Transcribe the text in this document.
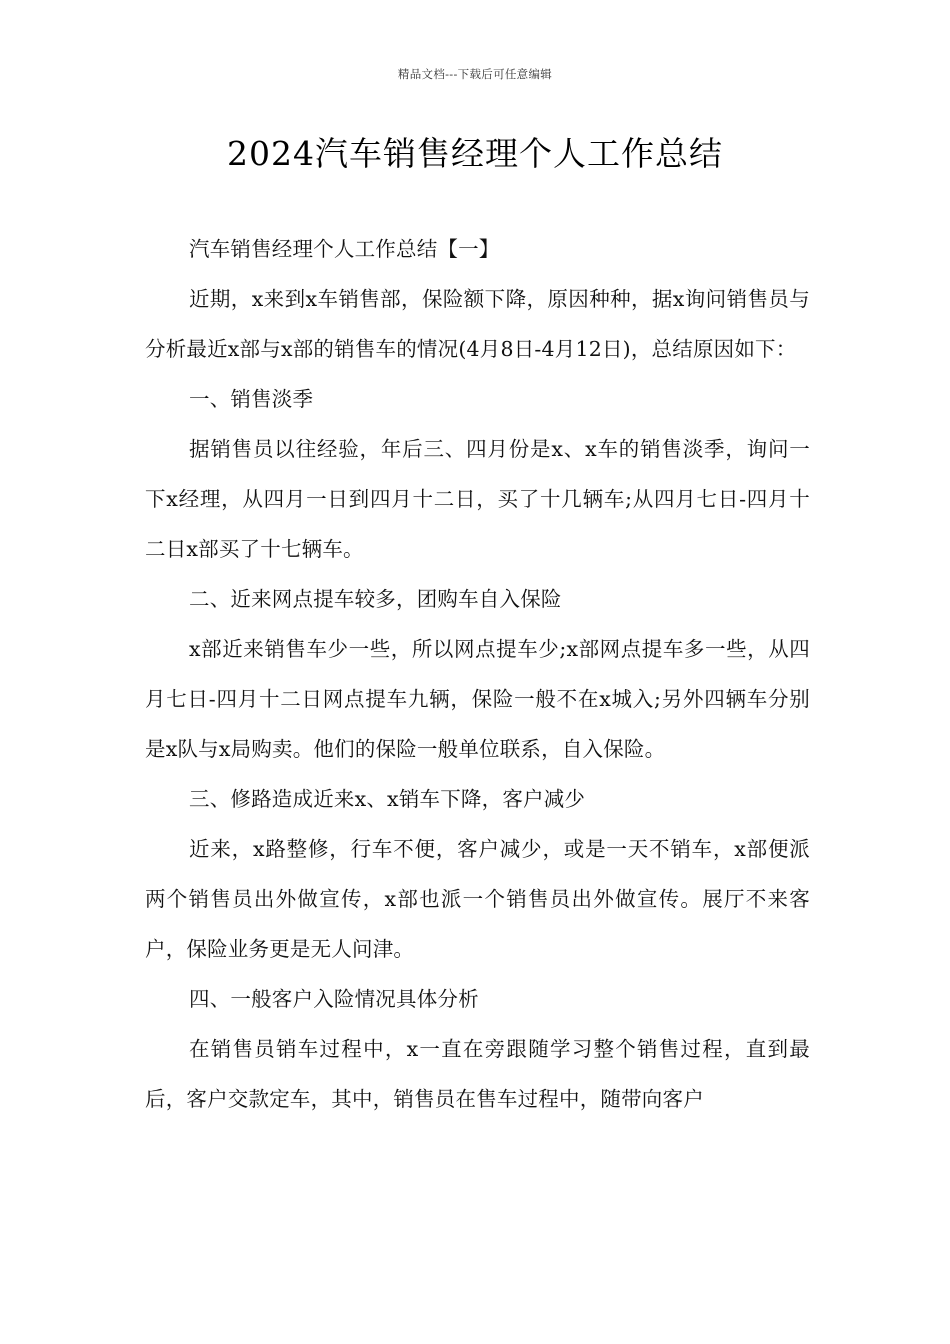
精品文档---下载后可任意编辑
2024汽车销售经理个人工作总结

汽车销售经理个人工作总结【一】

近期，x来到x车销售部，保险额下降，原因种种，据x询问销售员与分析最近x部与x部的销售车的情况(4月8日-4月12日)，总结原因如下：

一、销售淡季

据销售员以往经验，年后三、四月份是x、x车的销售淡季，询问一下x经理，从四月一日到四月十二日，买了十几辆车;从四月七日-四月十二日x部买了十七辆车。

二、近来网点提车较多，团购车自入保险

x部近来销售车少一些，所以网点提车少;x部网点提车多一些，从四月七日-四月十二日网点提车九辆，保险一般不在x城入;另外四辆车分别是x队与x局购卖。他们的保险一般单位联系，自入保险。

三、修路造成近来x、x销车下降，客户减少

近来，x路整修，行车不便，客户减少，或是一天不销车，x部便派两个销售员出外做宣传，x部也派一个销售员出外做宣传。展厅不来客户，保险业务更是无人问津。

四、一般客户入险情况具体分析

在销售员销车过程中，x一直在旁跟随学习整个销售过程，直到最后，客户交款定车，其中，销售员在售车过程中，随带向客户
